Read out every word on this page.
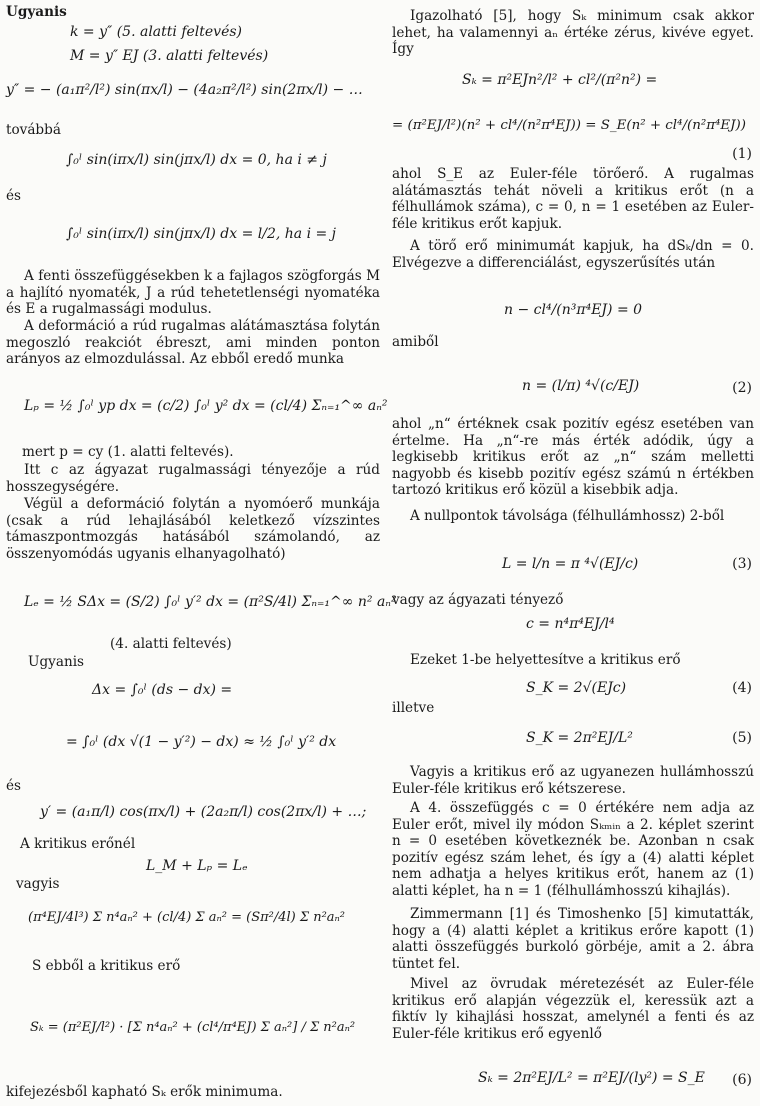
Ugyanis
k = y″ (5. alatti feltevés)
M = y″ EJ (3. alatti feltevés)
y″ = − (a₁π²/l²) sin(πx/l) − (4a₂π²/l²) sin(2πx/l) − …
továbbá
∫₀ˡ sin(iπx/l) sin(jπx/l) dx = 0, ha i ≠ j
és
∫₀ˡ sin(iπx/l) sin(jπx/l) dx = l/2, ha i = j
A fenti összefüggésekben k a fajlagos szögforgás M a hajlító nyomaték, J a rúd tehetetlenségi nyomatéka és E a rugalmassági modulus.
A deformáció a rúd rugalmas alátámasztása folytán megoszló reakciót ébreszt, ami minden ponton arányos az elmozdulással. Az ebből eredő munka
Lₚ = ½ ∫₀ˡ yp dx = (c/2) ∫₀ˡ y² dx = (cl/4) Σₙ₌₁^∞ aₙ²
mert p = cy (1. alatti feltevés).
Itt c az ágyazat rugalmassági tényezője a rúd hosszegységére.
Végül a deformáció folytán a nyomóerő munkája (csak a rúd lehajlásából keletkező vízszintes támaszpontmozgás hatásából számolandó, az összenyomódás ugyanis elhanyagolható)
Lₑ = ½ SΔx = (S/2) ∫₀ˡ y′² dx = (π²S/4l) Σₙ₌₁^∞ n² aₙ²
(4. alatti feltevés)
Ugyanis
Δx = ∫₀ˡ (ds − dx) =
= ∫₀ˡ (dx √(1 − y′²) − dx) ≈ ½ ∫₀ˡ y′² dx
és
y′ = (a₁π/l) cos(πx/l) + (2a₂π/l) cos(2πx/l) + …;
A kritikus erőnél
L_M + Lₚ = Lₑ
vagyis
(π⁴EJ/4l³) Σ n⁴aₙ² + (cl/4) Σ aₙ² = (Sπ²/4l) Σ n²aₙ²
S ebből a kritikus erő
Sₖ = (π²EJ/l²) · [Σ n⁴aₙ² + (cl⁴/π⁴EJ) Σ aₙ²] / Σ n²aₙ²
kifejezésből kapható Sₖ erők minimuma.
Igazolható [5], hogy Sₖ minimum csak akkor lehet, ha valamennyi aₙ értéke zérus, kivéve egyet. Így
Sₖ = π²EJn²/l² + cl²/(π²n²) =
= (π²EJ/l²)(n² + cl⁴/(n²π⁴EJ)) = S_E(n² + cl⁴/(n²π⁴EJ))
(1)
ahol S_E az Euler-féle törőerő. A rugalmas alátámasztás tehát növeli a kritikus erőt (n a félhullámok száma), c = 0, n = 1 esetében az Euler-féle kritikus erőt kapjuk.
A törő erő minimumát kapjuk, ha dSₖ/dn = 0. Elvégezve a differenciálást, egyszerűsítés után
n − cl⁴/(n³π⁴EJ) = 0
amiből
n = (l/π) ⁴√(c/EJ)	(2)
ahol „n“ értéknek csak pozitív egész esetében van értelme. Ha „n“-re más érték adódik, úgy a legkisebb kritikus erőt az „n“ szám melletti nagyobb és kisebb pozitív egész számú n értékben tartozó kritikus erő közül a kisebbik adja.
A nullpontok távolsága (félhullámhossz) 2-ből
L = l/n = π ⁴√(EJ/c)	(3)
vagy az ágyazati tényező
c = n⁴π⁴EJ/l⁴
Ezeket 1-be helyettesítve a kritikus erő
S_K = 2√(EJc)	(4)
illetve
S_K = 2π²EJ/L²	(5)
Vagyis a kritikus erő az ugyanezen hullámhosszú Euler-féle kritikus erő kétszerese.
A 4. összefüggés c = 0 értékére nem adja az Euler erőt, mivel ily módon Sₖₘᵢₙ a 2. képlet szerint n = 0 esetében következnék be. Azonban n csak pozitív egész szám lehet, és így a (4) alatti képlet nem adhatja a helyes kritikus erőt, hanem az (1) alatti képlet, ha n = 1 (félhullámhosszú kihajlás).
Zimmermann [1] és Timoshenko [5] kimutatták, hogy a (4) alatti képlet a kritikus erőre kapott (1) alatti összefüggés burkoló görbéje, amit a 2. ábra tüntet fel.
Mivel az övrudak méretezését az Euler-féle kritikus erő alapján végezzük el, keressük azt a fiktív ly kihajlási hosszat, amelynél a fenti és az Euler-féle kritikus erő egyenlő
Sₖ = 2π²EJ/L² = π²EJ/(ly²) = S_E (6)
